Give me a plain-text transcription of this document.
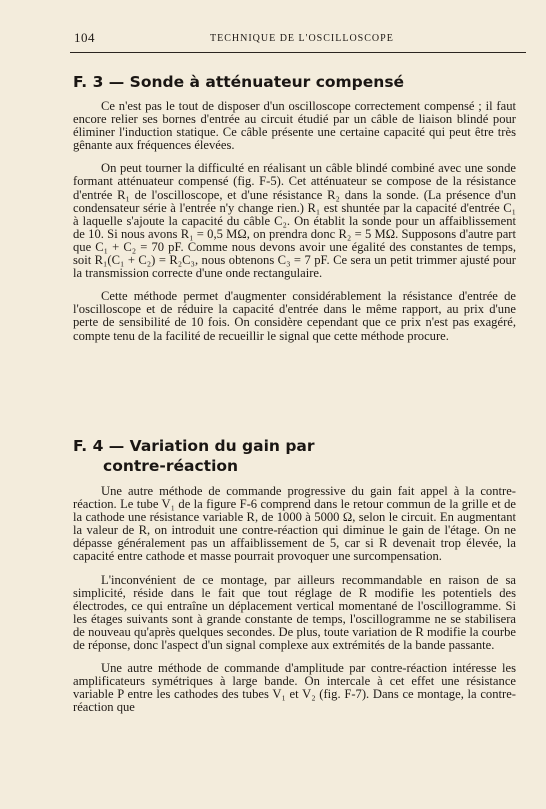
104	TECHNIQUE DE L'OSCILLOSCOPE
F. 3 — Sonde à atténuateur compensé

Ce n'est pas le tout de disposer d'un oscilloscope correctement compensé ; il faut encore relier ses bornes d'entrée au circuit étudié par un câble de liaison blindé pour éliminer l'induction statique. Ce câble présente une certaine capacité qui peut être très gênante aux fréquences élevées.

On peut tourner la difficulté en réalisant un câble blindé combiné avec une sonde formant atténuateur compensé (fig. F-5). Cet atténuateur se compose de la résistance d'entrée R₁ de l'oscilloscope, et d'une résistance R₂ dans la sonde. (La présence d'un condensateur série à l'entrée n'y change rien.) R₁ est shuntée par la capacité d'entrée C₁ à laquelle s'ajoute la capacité du câble C₂. On établit la sonde pour un affaiblissement de 10. Si nous avons R₁ = 0,5 MΩ, on prendra donc R₂ = 5 MΩ. Supposons d'autre part que C₁ + C₂ = 70 pF. Comme nous devons avoir une égalité des constantes de temps, soit R₁(C₁ + C₂) = R₂C₃, nous obtenons C₃ = 7 pF. Ce sera un petit trimmer ajusté pour la transmission correcte d'une onde rectangulaire.

Cette méthode permet d'augmenter considérablement la résistance d'entrée de l'oscilloscope et de réduire la capacité d'entrée dans le même rapport, au prix d'une perte de sensibilité de 10 fois. On considère cependant que ce prix n'est pas exagéré, compte tenu de la facilité de recueillir le signal que cette méthode procure.

F. 4 — Variation du gain par
contre-réaction

Une autre méthode de commande progressive du gain fait appel à la contre-réaction. Le tube V₁ de la figure F-6 comprend dans le retour commun de la grille et de la cathode une résistance variable R, de 1000 à 5000 Ω, selon le circuit. En augmentant la valeur de R, on introduit une contre-réaction qui diminue le gain de l'étage. On ne dépasse généralement pas un affaiblissement de 5, car si R devenait trop élevée, la capacité entre cathode et masse pourrait provoquer une surcompensation.

L'inconvénient de ce montage, par ailleurs recommandable en raison de sa simplicité, réside dans le fait que tout réglage de R modifie les potentiels des électrodes, ce qui entraîne un déplacement vertical momentané de l'oscillogramme. Si les étages suivants sont à grande constante de temps, l'oscillogramme ne se stabilisera de nouveau qu'après quelques secondes. De plus, toute variation de R modifie la courbe de réponse, donc l'aspect d'un signal complexe aux extrémités de la bande passante.

Une autre méthode de commande d'amplitude par contre-réaction intéresse les amplificateurs symétriques à large bande. On intercale à cet effet une résistance variable P entre les cathodes des tubes V₁ et V₂ (fig. F-7). Dans ce montage, la contre-réaction que
